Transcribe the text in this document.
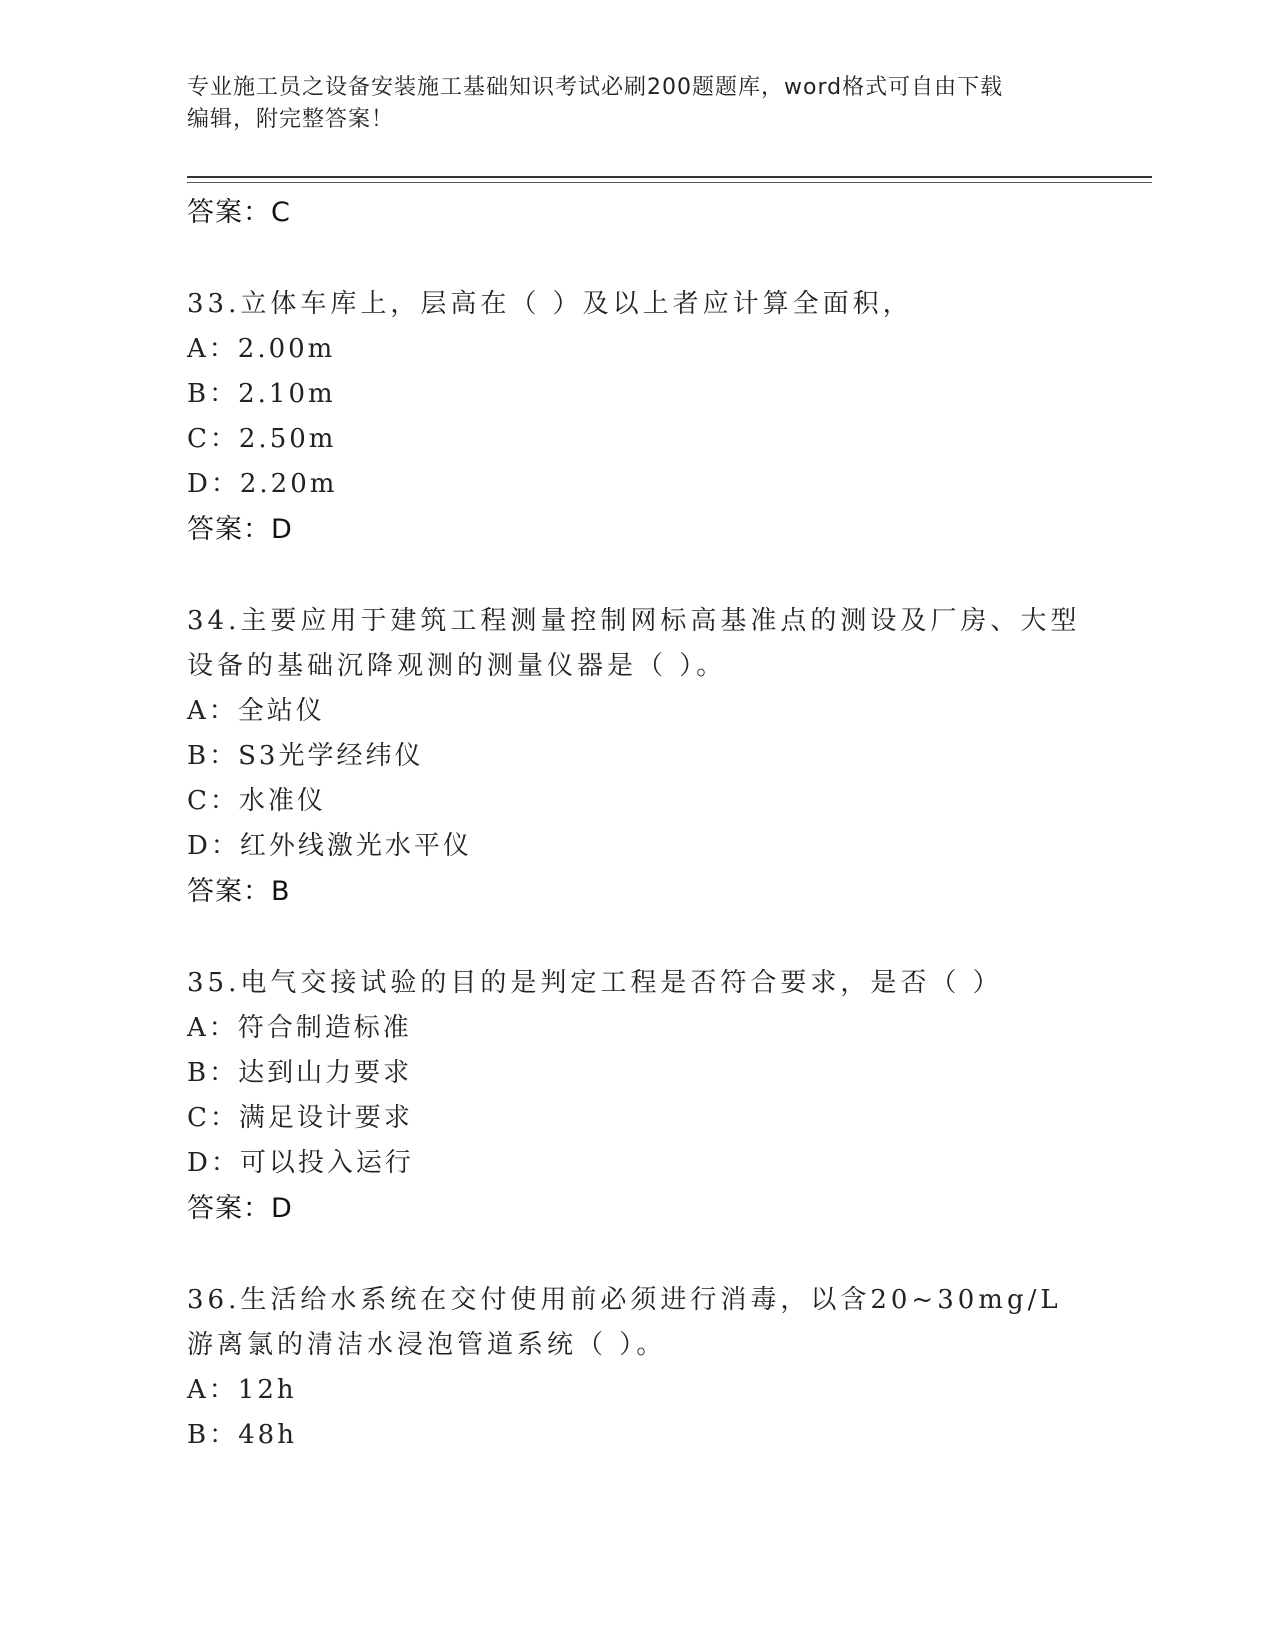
专业施工员之设备安装施工基础知识考试必刷200题题库，word格式可自由下载
编辑，附完整答案！
答案：C
33.立体车库上，层高在（ ）及以上者应计算全面积，
A：2.00m
B：2.10m
C：2.50m
D：2.20m
答案：D
34.主要应用于建筑工程测量控制网标高基准点的测设及厂房、大型设备的基础沉降观测的测量仪器是（ ）。
A：全站仪
B：S3光学经纬仪
C：水准仪
D：红外线激光水平仪
答案：B
35.电气交接试验的目的是判定工程是否符合要求，是否（ ）
A：符合制造标准
B：达到山力要求
C：满足设计要求
D：可以投入运行
答案：D
36.生活给水系统在交付使用前必须进行消毒，以含20~30mg/L游离氯的清洁水浸泡管道系统（ ）。
A：12h
B：48h
